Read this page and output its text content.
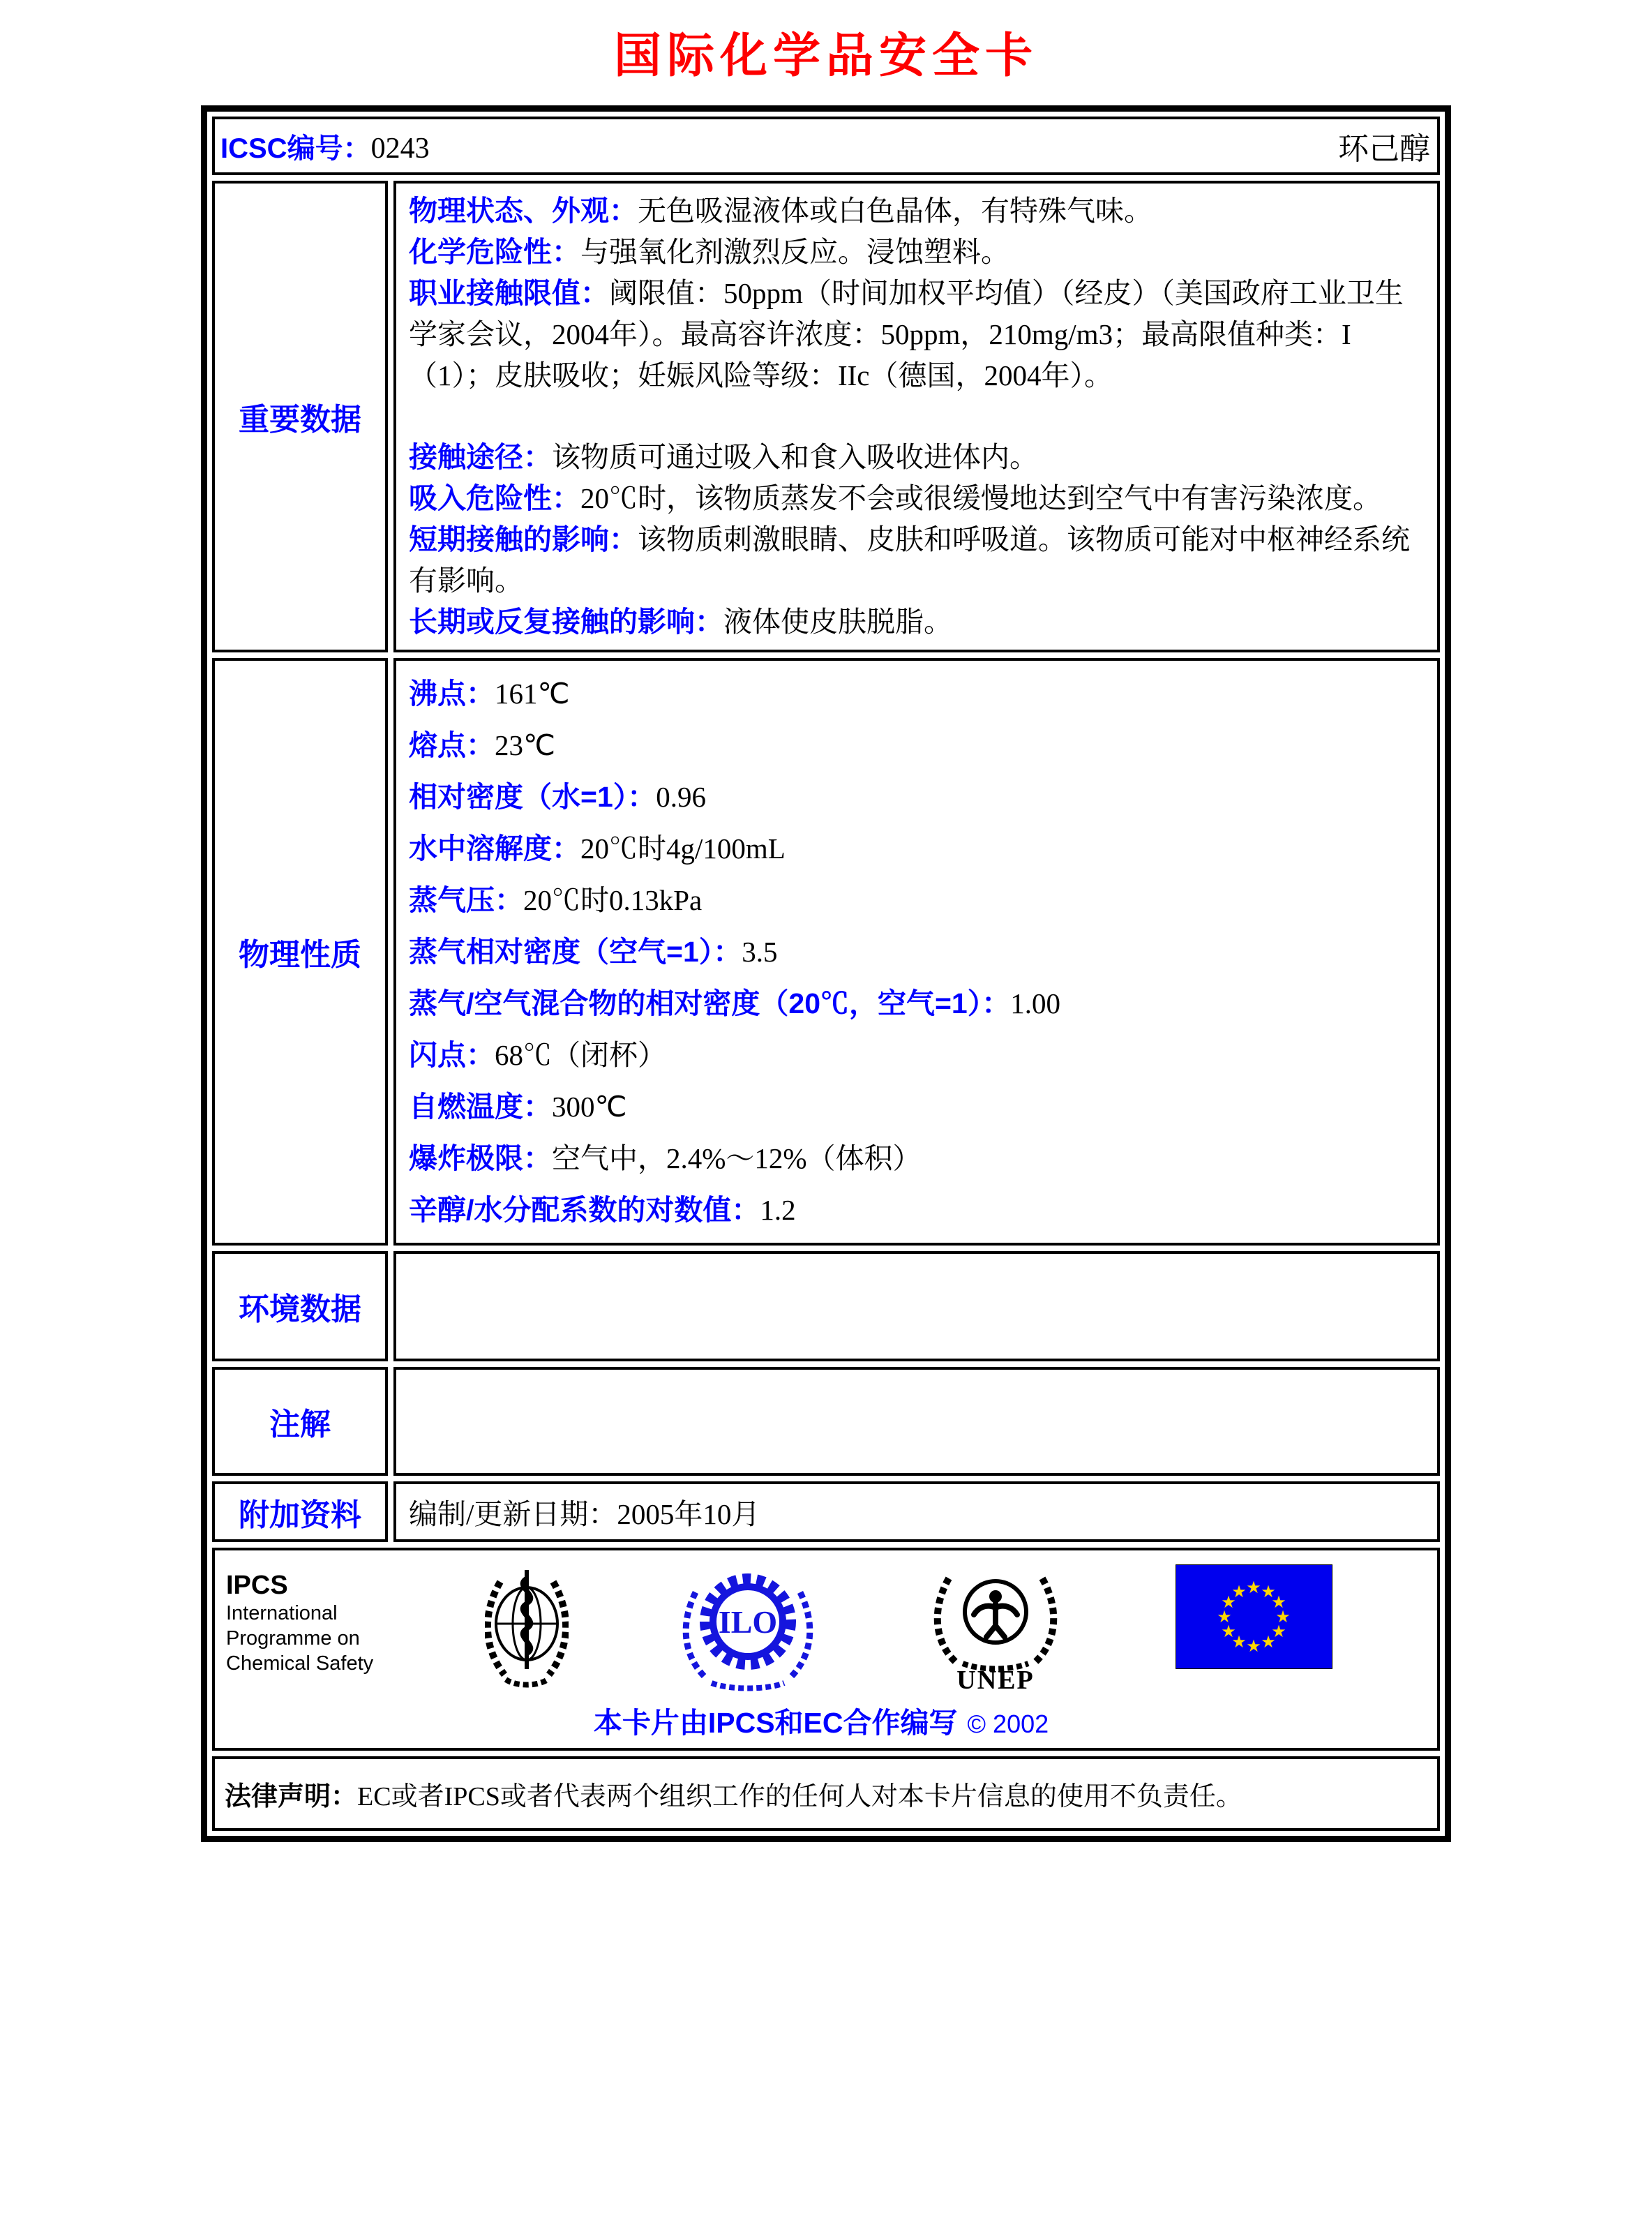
国际化学品安全卡
ICSC编号：0243	环己醇
重要数据
物理状态、外观：无色吸湿液体或白色晶体，有特殊气味。
化学危险性：与强氧化剂激烈反应。浸蚀塑料。
职业接触限值：阈限值：50ppm（时间加权平均值）（经皮）（美国政府工业卫生学家会议，2004年）。最高容许浓度：50ppm，210mg/m3；最高限值种类：I（1）；皮肤吸收；妊娠风险等级：IIc（德国，2004年）。
接触途径：该物质可通过吸入和食入吸收进体内。
吸入危险性：20℃时，该物质蒸发不会或很缓慢地达到空气中有害污染浓度。
短期接触的影响：该物质刺激眼睛、皮肤和呼吸道。该物质可能对中枢神经系统有影响。
长期或反复接触的影响：液体使皮肤脱脂。
物理性质
沸点：161℃
熔点：23℃
相对密度（水=1）：0.96
水中溶解度：20℃时4g/100mL
蒸气压：20℃时0.13kPa
蒸气相对密度（空气=1）：3.5
蒸气/空气混合物的相对密度（20℃，空气=1）：1.00
闪点：68℃（闭杯）
自燃温度：300℃
爆炸极限：空气中，2.4%～12%（体积）
辛醇/水分配系数的对数值：1.2
环境数据
注解
附加资料	编制/更新日期：2005年10月
IPCS
International
Programme on
Chemical Safety
ILO
UNEP
★ ★
★
★
★
★
★
★
★
★
★
★
本卡片由IPCS和EC合作编写 © 2002
法律声明：EC或者IPCS或者代表两个组织工作的任何人对本卡片信息的使用不负责任。
